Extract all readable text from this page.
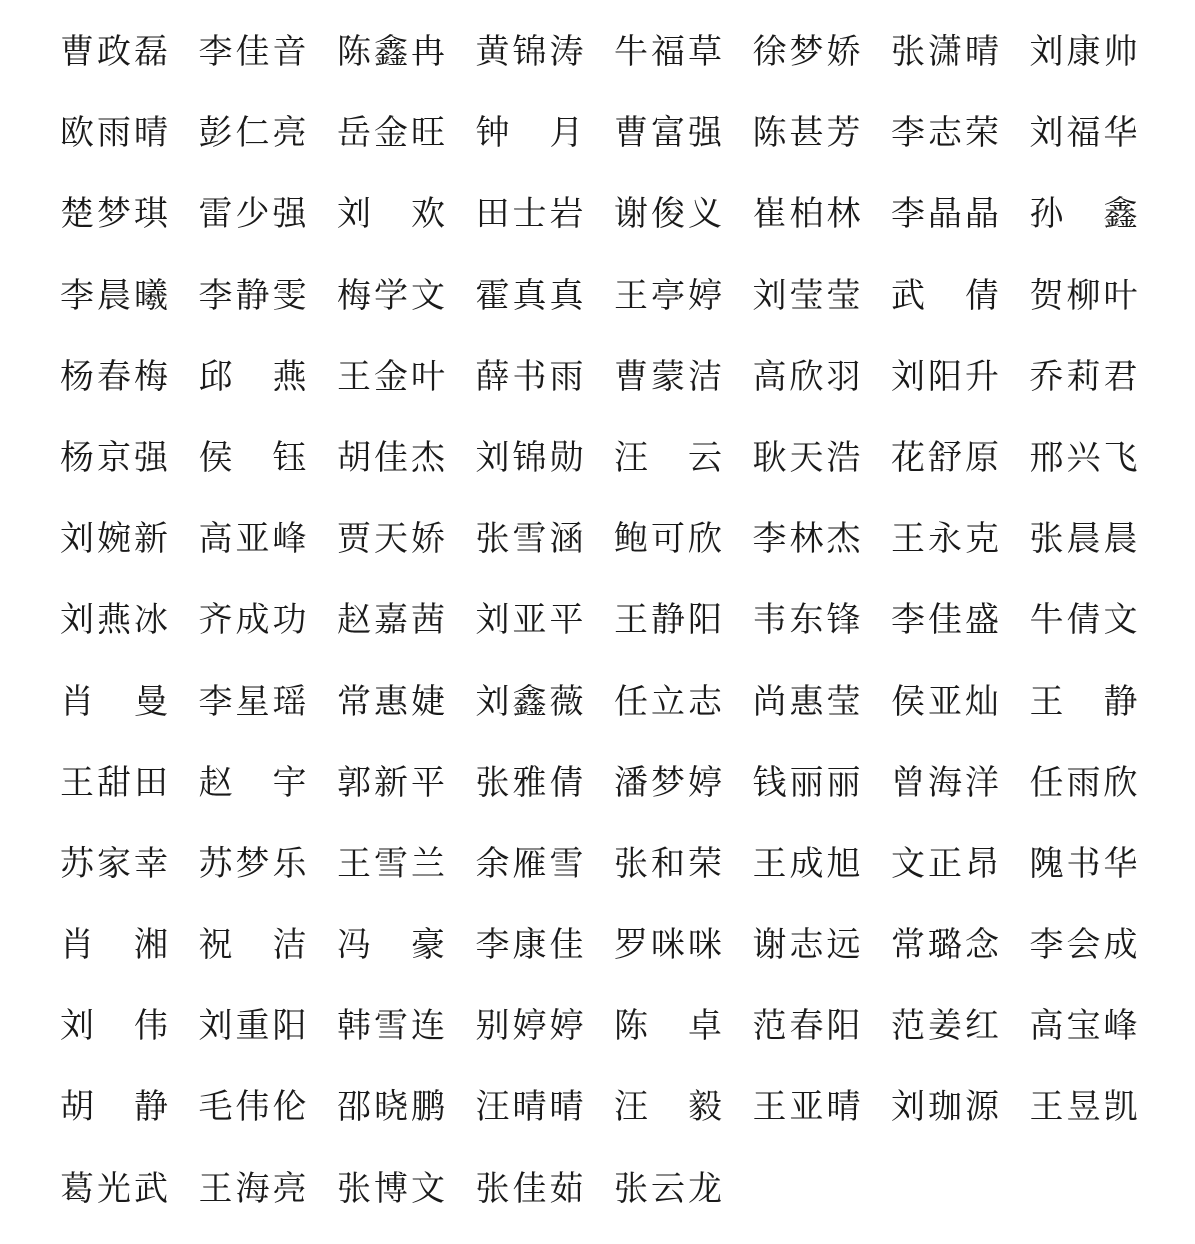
曹 政 磊 李 佳 音 陈 鑫 冉 黄 锦 涛 牛 福 草 徐 梦 娇 张 潇 晴 刘 康 帅
欧 雨 晴 彭 仁 亮 岳 金 旺 钟 月 曹 富 强 陈 甚 芳 李 志 荣 刘 福 华
楚 梦 琪 雷 少 强 刘 欢 田 士 岩 谢 俊 义 崔 柏 林 李 晶 晶 孙 鑫
李 晨 曦 李 静 雯 梅 学 文 霍 真 真 王 亭 婷 刘 莹 莹 武 倩 贺 柳 叶
杨 春 梅 邱 燕 王 金 叶 薛 书 雨 曹 蒙 洁 高 欣 羽 刘 阳 升 乔 莉 君
杨 京 强 侯 钰 胡 佳 杰 刘 锦 勋 汪 云 耿 天 浩 花 舒 原 邢 兴 飞
刘 婉 新 高 亚 峰 贾 天 娇 张 雪 涵 鲍 可 欣 李 林 杰 王 永 克 张 晨 晨
刘 燕 冰 齐 成 功 赵 嘉 茜 刘 亚 平 王 静 阳 韦 东 锋 李 佳 盛 牛 倩 文
肖 曼 李 星 瑶 常 惠 婕 刘 鑫 薇 任 立 志 尚 惠 莹 侯 亚 灿 王 静
王 甜 田 赵 宇 郭 新 平 张 雅 倩 潘 梦 婷 钱 丽 丽 曾 海 洋 任 雨 欣
苏 家 幸 苏 梦 乐 王 雪 兰 余 雁 雪 张 和 荣 王 成 旭 文 正 昂 隗 书 华
肖 湘 祝 洁 冯 豪 李 康 佳 罗 咪 咪 谢 志 远 常 璐 念 李 会 成
刘 伟 刘 重 阳 韩 雪 连 别 婷 婷 陈 卓 范 春 阳 范 姜 红 高 宝 峰
胡 静 毛 伟 伦 邵 晓 鹏 汪 晴 晴 汪 毅 王 亚 晴 刘 珈 源 王 昱 凯
葛 光 武 王 海 亮 张 博 文 张 佳 茹 张 云 龙
